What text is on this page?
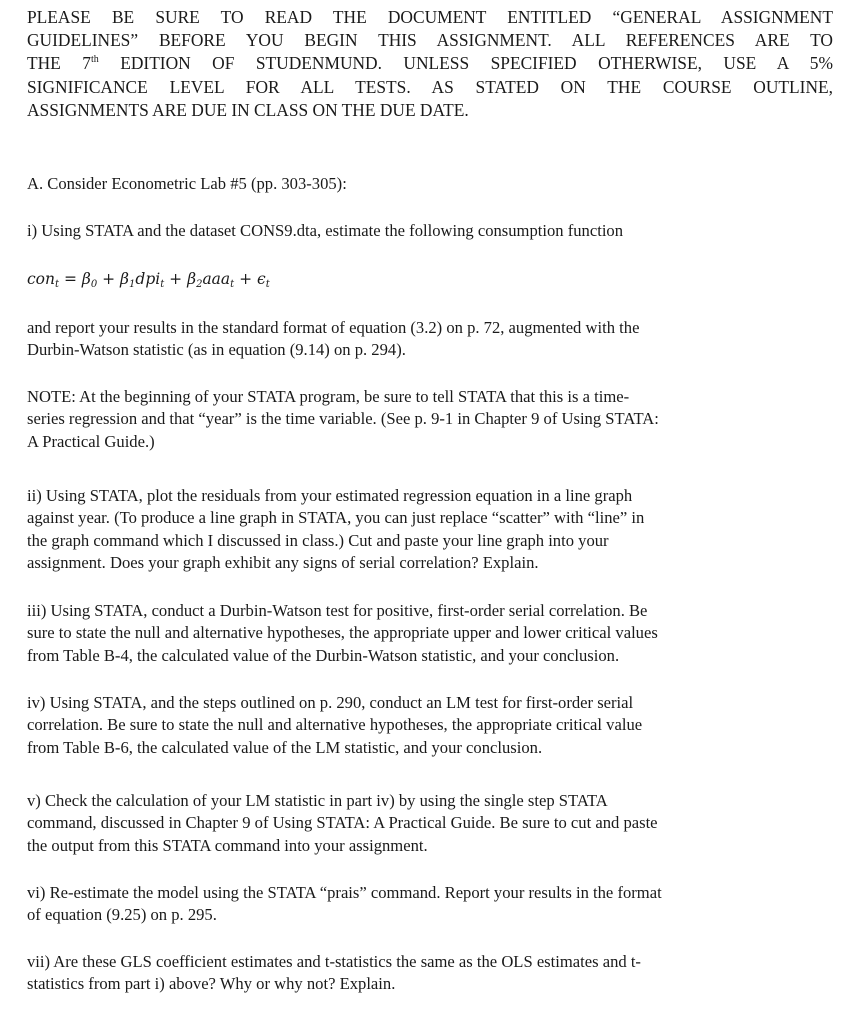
PLEASE BE SURE TO READ THE DOCUMENT ENTITLED “GENERAL ASSIGNMENT
GUIDELINES” BEFORE YOU BEGIN THIS ASSIGNMENT. ALL REFERENCES ARE TO
THE 7th EDITION OF STUDENMUND. UNLESS SPECIFIED OTHERWISE, USE A 5%
SIGNIFICANCE LEVEL FOR ALL TESTS. AS STATED ON THE COURSE OUTLINE,
ASSIGNMENTS ARE DUE IN CLASS ON THE DUE DATE.

A. Consider Econometric Lab #5 (pp. 303-305):

i) Using STATA and the dataset CONS9.dta, estimate the following consumption function

$con_t = \beta_0 + \beta_1dpi_t + \beta_2aaa_t + \epsilon_t$
and report your results in the standard format of equation (3.2) on p. 72, augmented with the
Durbin-Watson statistic (as in equation (9.14) on p. 294).
NOTE: At the beginning of your STATA program, be sure to tell STATA that this is a time-
series regression and that “year” is the time variable. (See p. 9-1 in Chapter 9 of Using STATA:
A Practical Guide.)
ii) Using STATA, plot the residuals from your estimated regression equation in a line graph
against year. (To produce a line graph in STATA, you can just replace “scatter” with “line” in
the graph command which I discussed in class.) Cut and paste your line graph into your
assignment. Does your graph exhibit any signs of serial correlation? Explain.
iii) Using STATA, conduct a Durbin-Watson test for positive, first-order serial correlation. Be
sure to state the null and alternative hypotheses, the appropriate upper and lower critical values
from Table B-4, the calculated value of the Durbin-Watson statistic, and your conclusion.
iv) Using STATA, and the steps outlined on p. 290, conduct an LM test for first-order serial
correlation. Be sure to state the null and alternative hypotheses, the appropriate critical value
from Table B-6, the calculated value of the LM statistic, and your conclusion.
v) Check the calculation of your LM statistic in part iv) by using the single step STATA
command, discussed in Chapter 9 of Using STATA: A Practical Guide. Be sure to cut and paste
the output from this STATA command into your assignment.
vi) Re-estimate the model using the STATA “prais” command. Report your results in the format
of equation (9.25) on p. 295.
vii) Are these GLS coefficient estimates and t-statistics the same as the OLS estimates and t-
statistics from part i) above? Why or why not? Explain.
